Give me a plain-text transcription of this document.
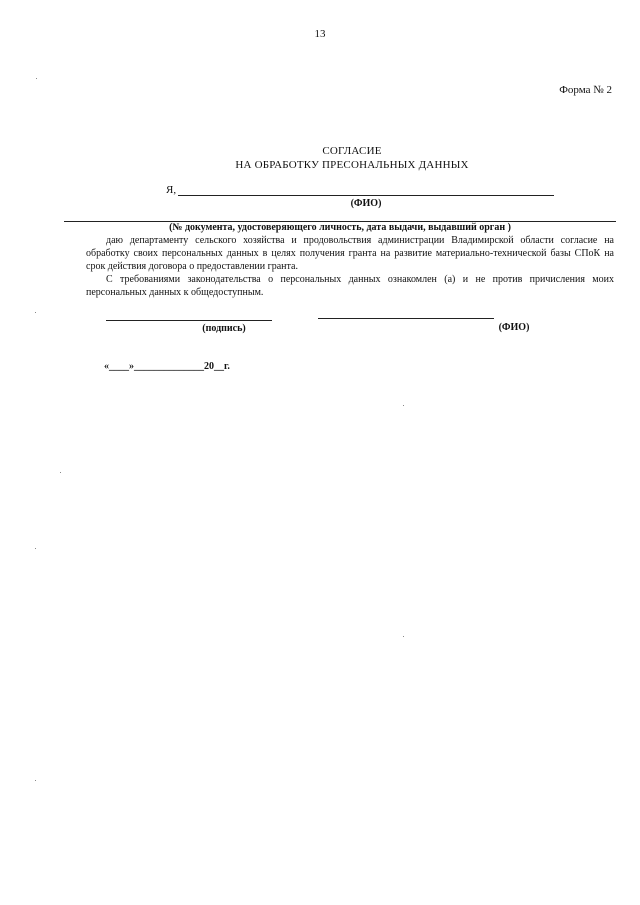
13
Форма № 2
СОГЛАСИЕ
НА ОБРАБОТКУ ПРЕСОНАЛЬНЫХ ДАННЫХ
Я,
(ФИО)
(№ документа, удостоверяющего личность, дата выдачи, выдавший орган )
даю департаменту сельского хозяйства и продовольствия администрации Владимирской области согласие на обработку своих персональных данных в целях получения гранта на развитие материально-технической базы СПоК на срок действия договора о предоставлении гранта.
С требованиями законодательства о персональных данных ознакомлен (а) и не против причисления моих персональных данных к общедоступным.
(подпись)	(ФИО)
«____»______________20__г.
